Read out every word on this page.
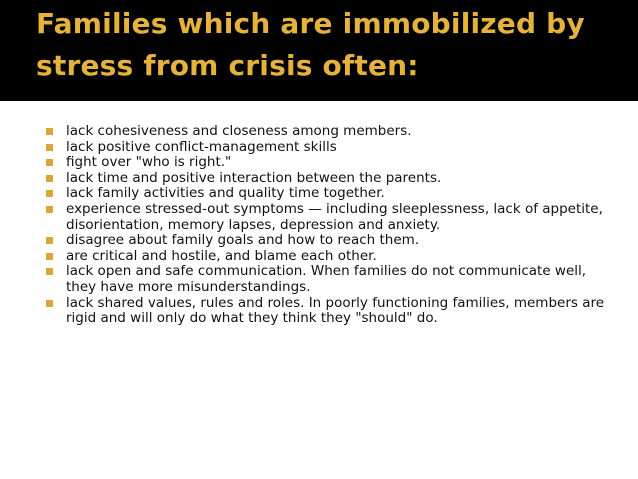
Families which are immobilized by stress from crisis often:
lack cohesiveness and closeness among members.
lack positive conflict-management skills
fight over "who is right."
lack time and positive interaction between the parents.
lack family activities and quality time together.
experience stressed-out symptoms — including sleeplessness, lack of appetite, disorientation, memory lapses, depression and anxiety.
disagree about family goals and how to reach them.
are critical and hostile, and blame each other.
lack open and safe communication. When families do not communicate well, they have more misunderstandings.
lack shared values, rules and roles. In poorly functioning families, members are rigid and will only do what they think they "should" do.
